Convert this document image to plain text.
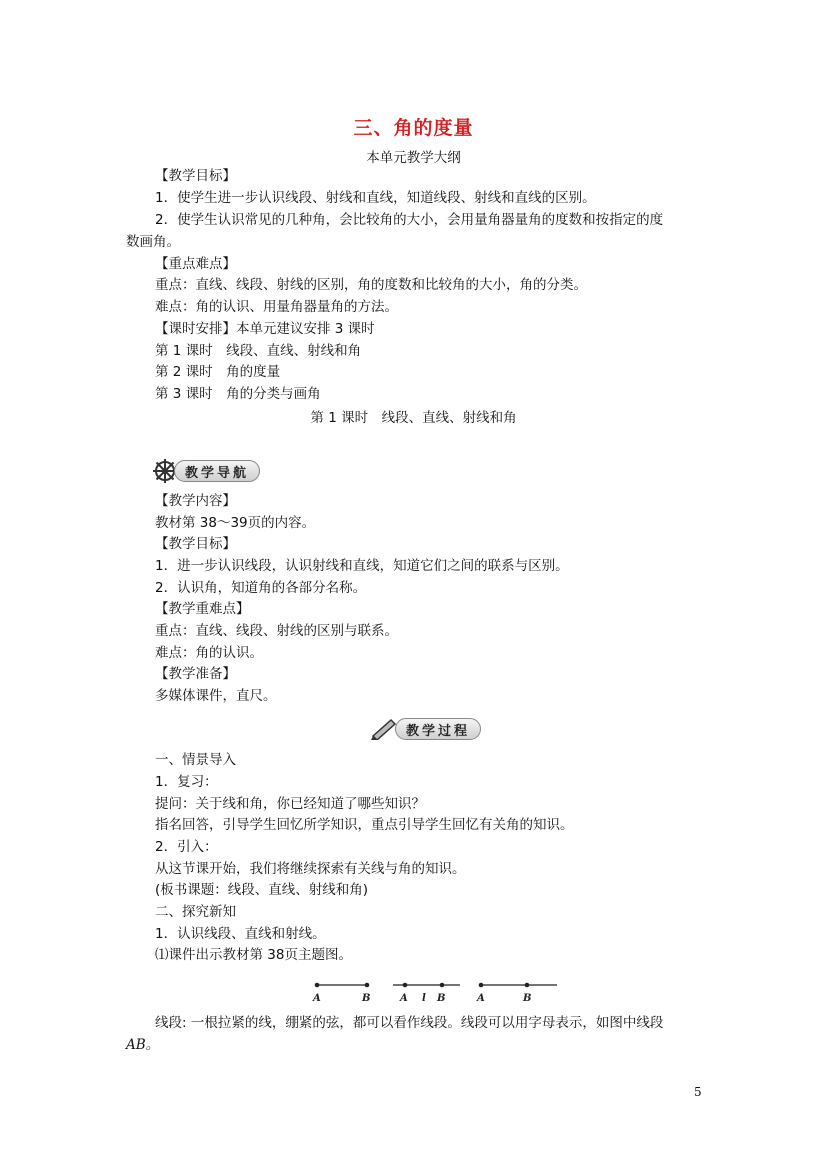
三、角的度量
本单元教学大纲
【教学目标】
1．使学生进一步认识线段、射线和直线，知道线段、射线和直线的区别。
2．使学生认识常见的几种角，会比较角的大小，会用量角器量角的度数和按指定的度
数画角。
【重点难点】
重点：直线、线段、射线的区别，角的度数和比较角的大小，角的分类。
难点：角的认识、用量角器量角的方法。
【课时安排】本单元建议安排 3 课时
第 1 课时　线段、直线、射线和角
第 2 课时　角的度量
第 3 课时　角的分类与画角
第 1 课时　线段、直线、射线和角
教学导航
【教学内容】
教材第 38～39页的内容。
【教学目标】
1．进一步认识线段，认识射线和直线，知道它们之间的联系与区别。
2．认识角，知道角的各部分名称。
【教学重难点】
重点：直线、线段、射线的区别与联系。
难点：角的认识。
【教学准备】
多媒体课件，直尺。
教学过程
一、情景导入
1．复习：
提问：关于线和角，你已经知道了哪些知识？
指名回答，引导学生回忆所学知识，重点引导学生回忆有关角的知识。
2．引入：
从这节课开始，我们将继续探索有关线与角的知识。
(板书课题：线段、直线、射线和角)
二、探究新知
1．认识线段、直线和射线。
⑴课件出示教材第 38页主题图。
A	B	A l B	A	B
线段: 一根拉紧的线，绷紧的弦，都可以看作线段。线段可以用字母表示，如图中线段
AB。
5
